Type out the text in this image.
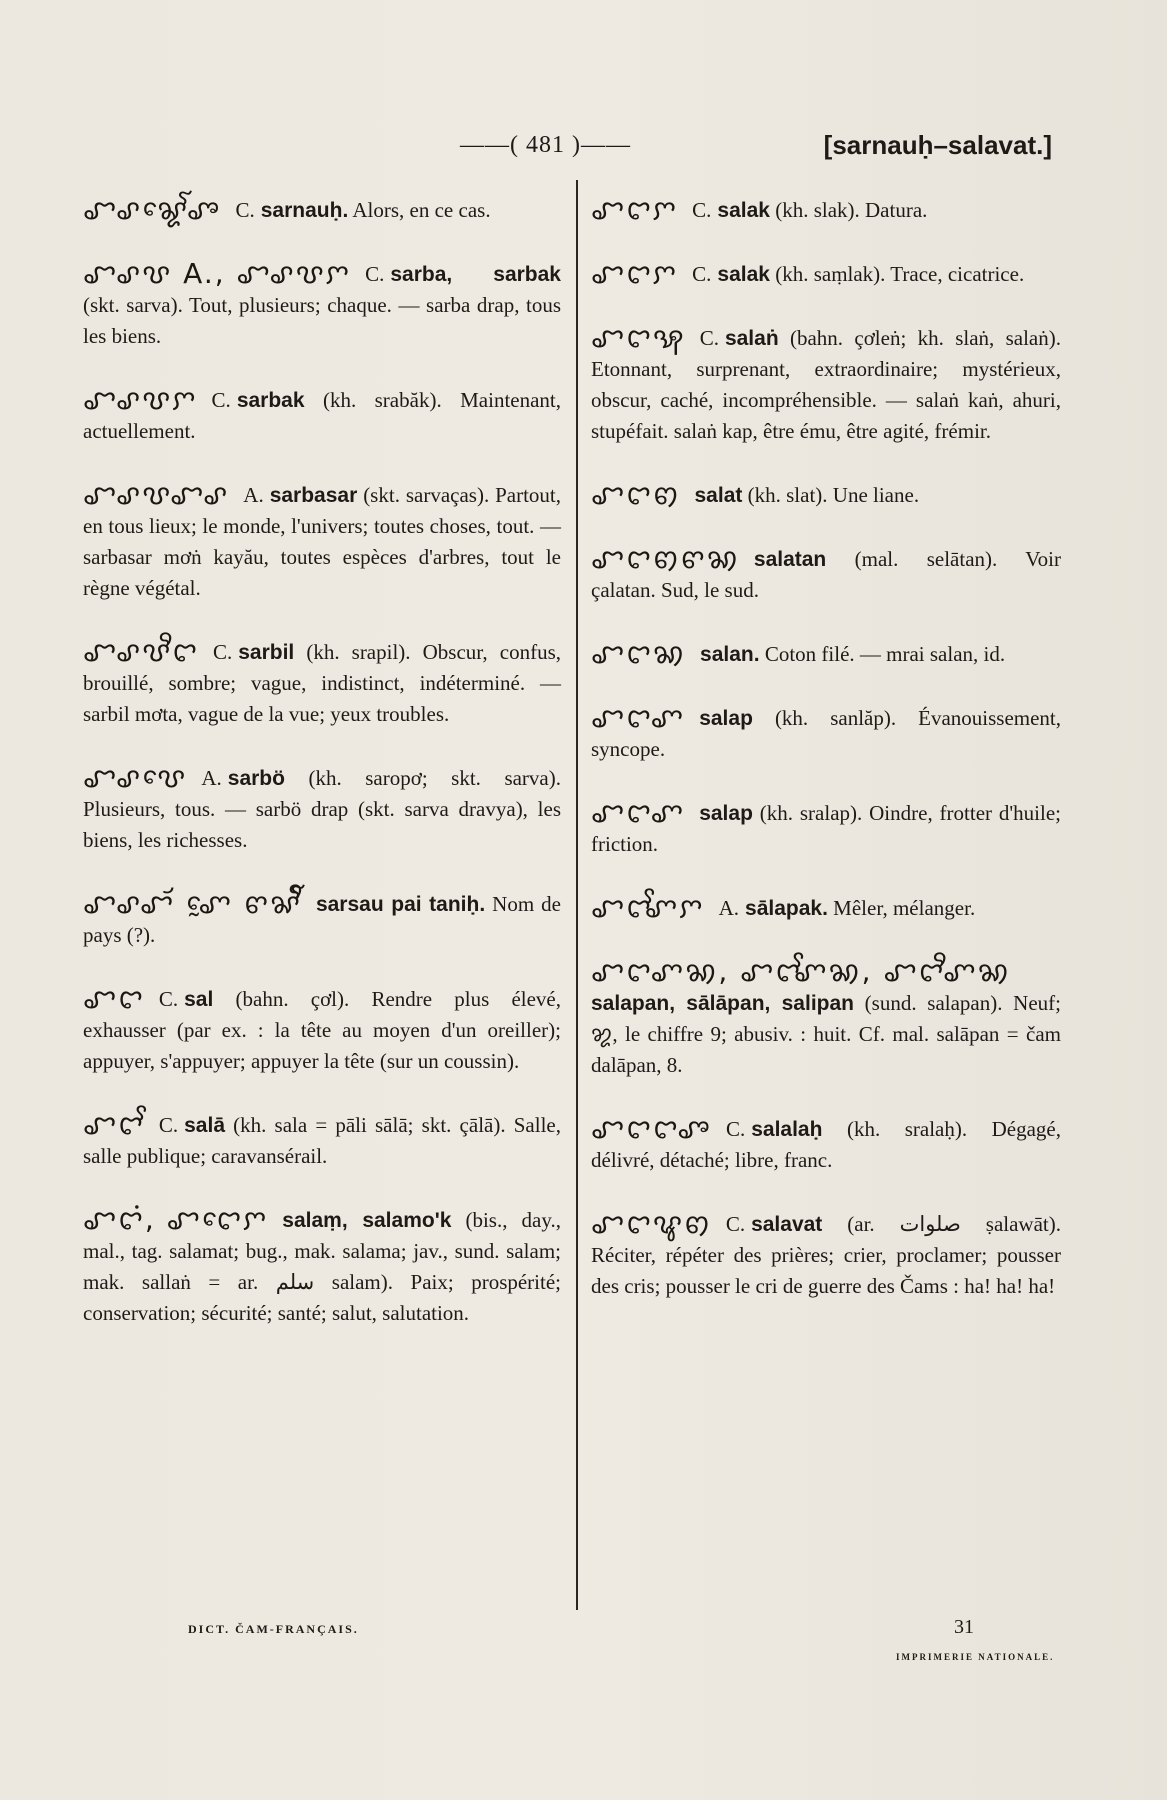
——( 481 )——	[sarnauḥ–salavat.]

ꨧꨣꨘꨯꨱꨨ C. sarnauḥ. Alors, en ce cas.

ꨧꨣꨝ A., ꨧꨣꨝꨆ C. sarba, sarbak (skt. sarva). Tout, plusieurs; chaque. — sarba drap, tous les biens.

ꨧꨣꨝꨆ C. sarbak (kh. srabăk). Maintenant, actuellement.

ꨧꨣꨝꨧꨣ A. sarbasar (skt. sarvaças). Partout, en tous lieux; le monde, l'univers; toutes choses, tout. — sarbasar mơṅ kayău, toutes espèces d'arbres, tout le règne végétal.

ꨧꨣꨝꨪꨤ C. sarbil (kh. srapil). Obscur, confus, brouillé, sombre; vague, indistinct, indéterminé. — sarbil mơta, vague de la vue; yeux troubles.

ꨧꨣꨝꨯ A. sarbö (kh. saropơ; skt. sarva). Plusieurs, tous. — sarbö drap (skt. sarva dravya), les biens, les richesses.

ꨧꨣꨧꨮ ꨚꨰ ꨓꨗꨪꨱ sarsau pai taniḥ. Nom de pays (?).

ꨧꨤ C. sal (bahn. çơl). Rendre plus élevé, exhausser (par ex. : la tête au moyen d'un oreiller); appuyer, s'appuyer; appuyer la tête (sur un coussin).

ꨧꨤꨩ C. salā (kh. sala = pāli sālā; skt. çālā). Salle, salle publique; caravansérail.

ꨧꨤꩌ, ꨧꨤꨯꨆ salaṃ, salamo'k (bis., day., mal., tag. salamat; bug., mak. salama; jav., sund. salam; mak. sallaṅ = ar. سلم salam). Paix; prospérité; conservation; sécurité; santé; salut, salutation.

ꨧꨤꨆ C. salak (kh. slak). Datura.

ꨧꨤꨆ C. salak (kh. saṃlak). Trace, cicatrice.

ꨧꨤꩂ C. salaṅ (bahn. çơleṅ; kh. slaṅ, salaṅ). Etonnant, surprenant, extraordinaire; mystérieux, obscur, caché, incompréhensible. — salaṅ kaṅ, ahuri, stupéfait. salaṅ kap, être ému, être agité, frémir.

ꨧꨤꩅ salat (kh. slat). Une liane.

ꨧꨤꩅꨓꩆ salatan (mal. selātan). Voir çalatan. Sud, le sud.

ꨧꨤꩆ salan. Coton filé. — mrai salan, id.

ꨧꨤꨚ salap (kh. sanlăp). Évanouissement, syncope.

ꨧꨤꨚ salap (kh. sralap). Oindre, frotter d'huile; friction.

ꨧꨤꨩꨚꨆ A. sālapak. Mêler, mélanger.

ꨧꨤꨚꩆ, ꨧꨤꨩꨚꩆ, ꨧꨤꨪꨚꩆsalapan, sālāpan, salipan (sund. salapan). Neuf; ꩘, le chiffre 9; abusiv. : huit. Cf. mal. salāpan = čam dalāpan, 8.

ꨧꨤꨤꨨ C. salalaḥ (kh. sralaḥ). Dégagé, délivré, détaché; libre, franc.

ꨧꨤꨥꩅ C. salavat (ar. صلوات ṣalawāt). Réciter, répéter des prières; crier, proclamer; pousser des cris; pousser le cri de guerre des Čams : ha! ha! ha!

DICT. ČAM-FRANÇAIS.	31
IMPRIMERIE NATIONALE.
